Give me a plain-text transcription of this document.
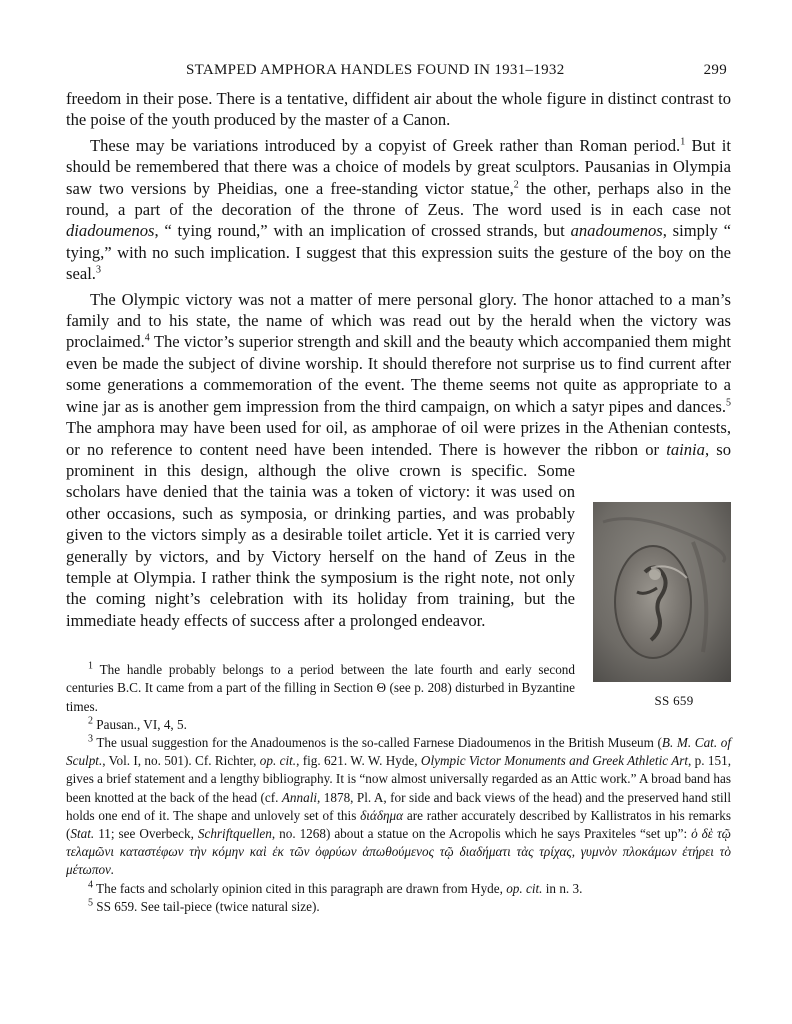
STAMPED AMPHORA HANDLES FOUND IN 1931–1932	299

freedom in their pose. There is a tentative, diffident air about the whole figure in distinct contrast to the poise of the youth produced by the master of a Canon.

These may be variations introduced by a copyist of Greek rather than Roman period.$^1$ But it should be remembered that there was a choice of models by great sculptors. Pausanias in Olympia saw two versions by Pheidias, one a free-standing victor statue,$^2$ the other, perhaps also in the round, a part of the decoration of the throne of Zeus. The word used is in each case not diadoumenos, “ tying round,” with an implication of crossed strands, but anadoumenos, simply “ tying,” with no such implication. I suggest that this expression suits the gesture of the boy on the seal.$^3$

The Olympic victory was not a matter of mere personal glory. The honor attached to a man’s family and to his state, the name of which was read out by the herald when the victory was proclaimed.$^4$ The victor’s superior strength and skill and the beauty which accompanied them might even be made the subject of divine worship. It should therefore not surprise us to find current after some generations a commemoration of the event. The theme seems not quite as appropriate to a wine jar as is another gem impression from the third campaign, on which a satyr pipes and dances.$^5$ The amphora may have been used for oil, as amphorae of oil were prizes in the Athenian contests, or no reference to content need have been intended. There is however the ribbon or
SS 659
tainia, so prominent in this design, although the olive crown is specific. Some scholars have denied that the tainia was a token of victory: it was used on other occasions, such as symposia, or drinking parties, and was probably given to the victors simply as a desirable toilet article. Yet it is carried very generally by victors, and by Victory herself on the hand of Zeus in the temple at Olympia. I rather think the symposium is the right note, not only the coming night’s celebration with its holiday from training, but the immediate heady effects of success after a prolonged endeavor.

$^1$ The handle probably belongs to a period between the late fourth and early second centuries B.C. It came from a part of the filling in Section Θ (see p. 208) disturbed in Byzantine times.

$^2$ Pausan., VI, 4, 5.

$^3$ The usual suggestion for the Anadoumenos is the so-called Farnese Diadoumenos in the British Museum (B. M. Cat. of Sculpt., Vol. I, no. 501). Cf. Richter, op. cit., fig. 621. W. W. Hyde, Olympic Victor Monuments and Greek Athletic Art, p. 151, gives a brief statement and a lengthy bibliography. It is “now almost universally regarded as an Attic work.” A broad band has been knotted at the back of the head (cf. Annali, 1878, Pl. A, for side and back views of the head) and the preserved hand still holds one end of it. The shape and unlovely set of this διάδημα are rather accurately described by Kallistratos in his remarks (Stat. 11; see Overbeck, Schriftquellen, no. 1268) about a statue on the Acropolis which he says Praxiteles “set up”: ὁ δὲ τῷ τελαμῶνι καταστέφων τὴν κόμην καὶ ἐκ τῶν ὀφρύων ἀπωθούμενος τῷ διαδήματι τὰς τρίχας, γυμνὸν πλοκάμων ἐτήρει τὸ μέτωπον.

$^4$ The facts and scholarly opinion cited in this paragraph are drawn from Hyde, op. cit. in n. 3.

$^5$ SS 659. See tail-piece (twice natural size).
